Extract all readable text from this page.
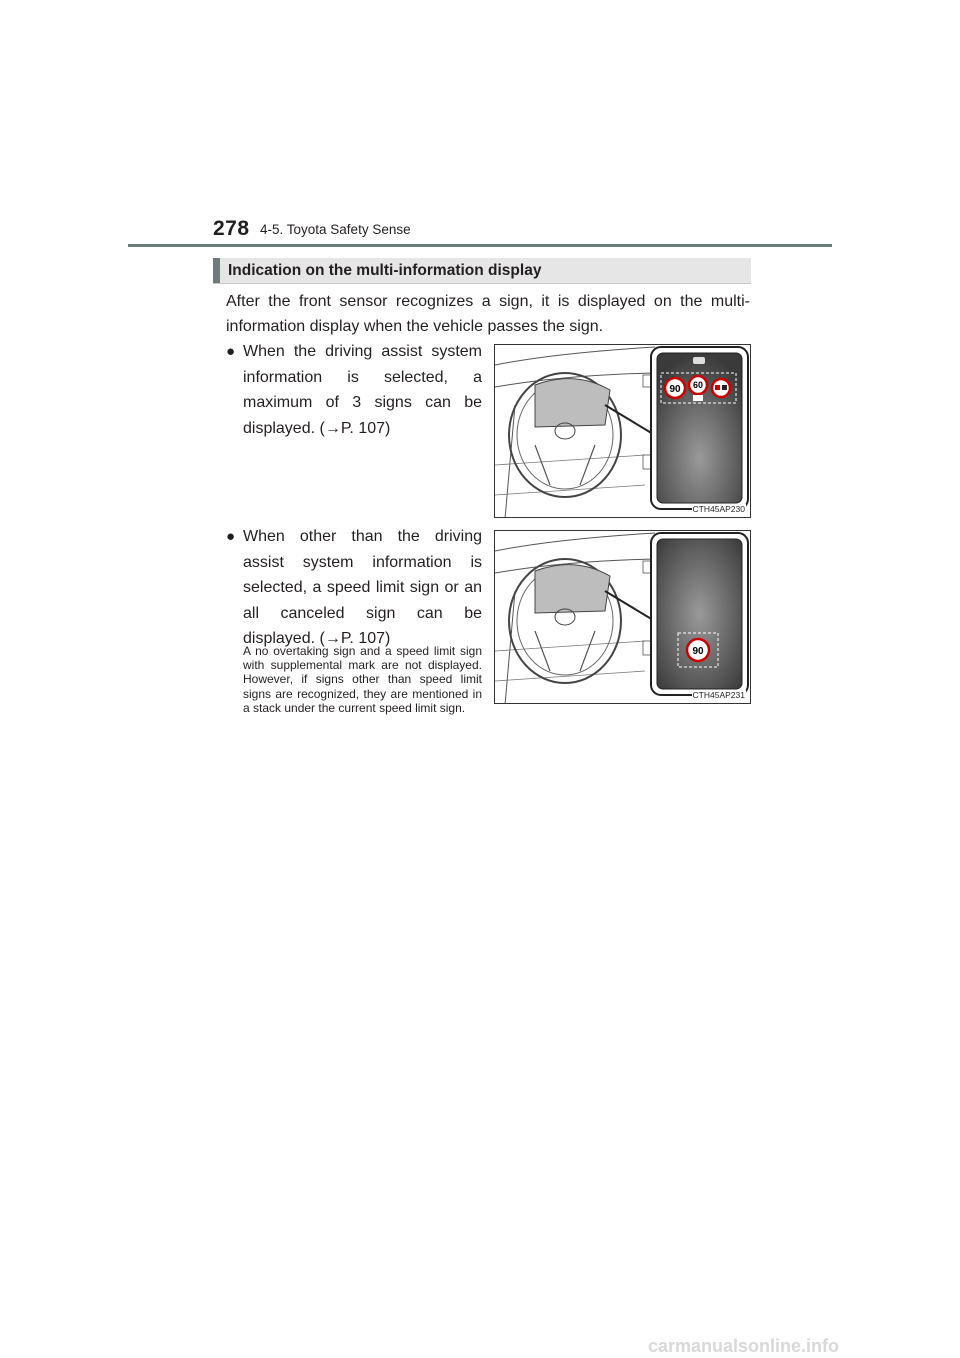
278 4-5. Toyota Safety Sense
Indication on the multi-information display

After the front sensor recognizes a sign, it is displayed on the multi-information display when the vehicle passes the sign.

● When the driving assist system information is selected, a maximum of 3 signs can be displayed. (→P. 107)
● When other than the driving assist system information is selected, a speed limit sign or an all canceled sign can be displayed. (→P. 107)

A no overtaking sign and a speed limit sign with supplemental mark are not displayed. However, if signs other than speed limit signs are recognized, they are mentioned in a stack under the current speed limit sign.

90 60
CTH45AP230
90
CTH45AP231
carmanualsonline.info
